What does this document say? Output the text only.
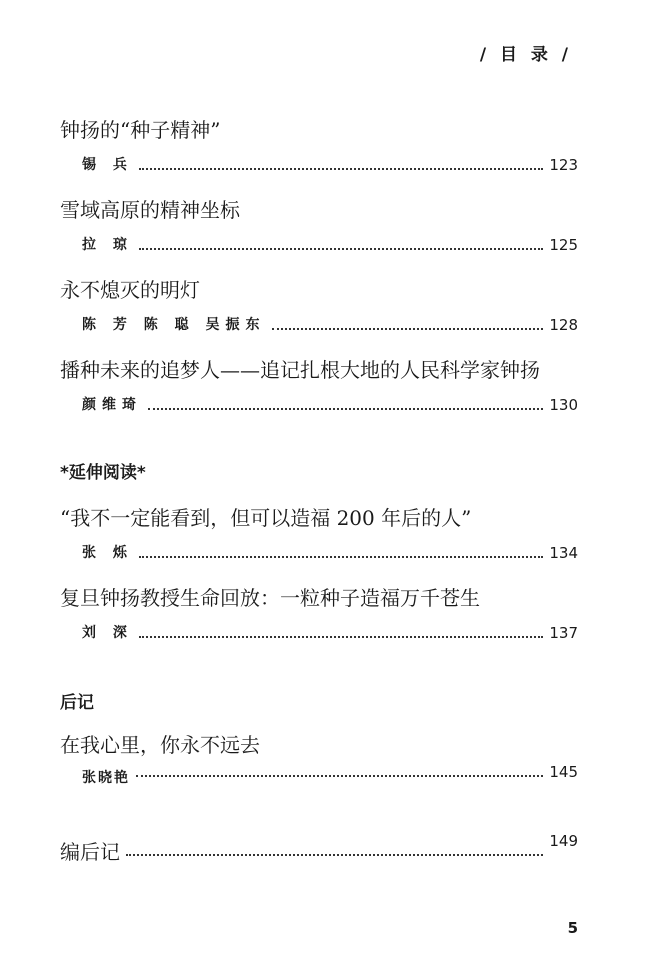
/ 目 录 /
钟扬的“种子精神”
锡 兵	123
雪域高原的精神坐标
拉 琼	125
永不熄灭的明灯
陈 芳 陈 聪 吴振东	128
播种未来的追梦人——追记扎根大地的人民科学家钟扬
颜维琦	130
*延伸阅读*
“我不一定能看到，但可以造福 200 年后的人”
张 烁	134
复旦钟扬教授生命回放：一粒种子造福万千苍生
刘 深	137
后记
在我心里，你永不远去
张晓艳	145
编后记	149
5
